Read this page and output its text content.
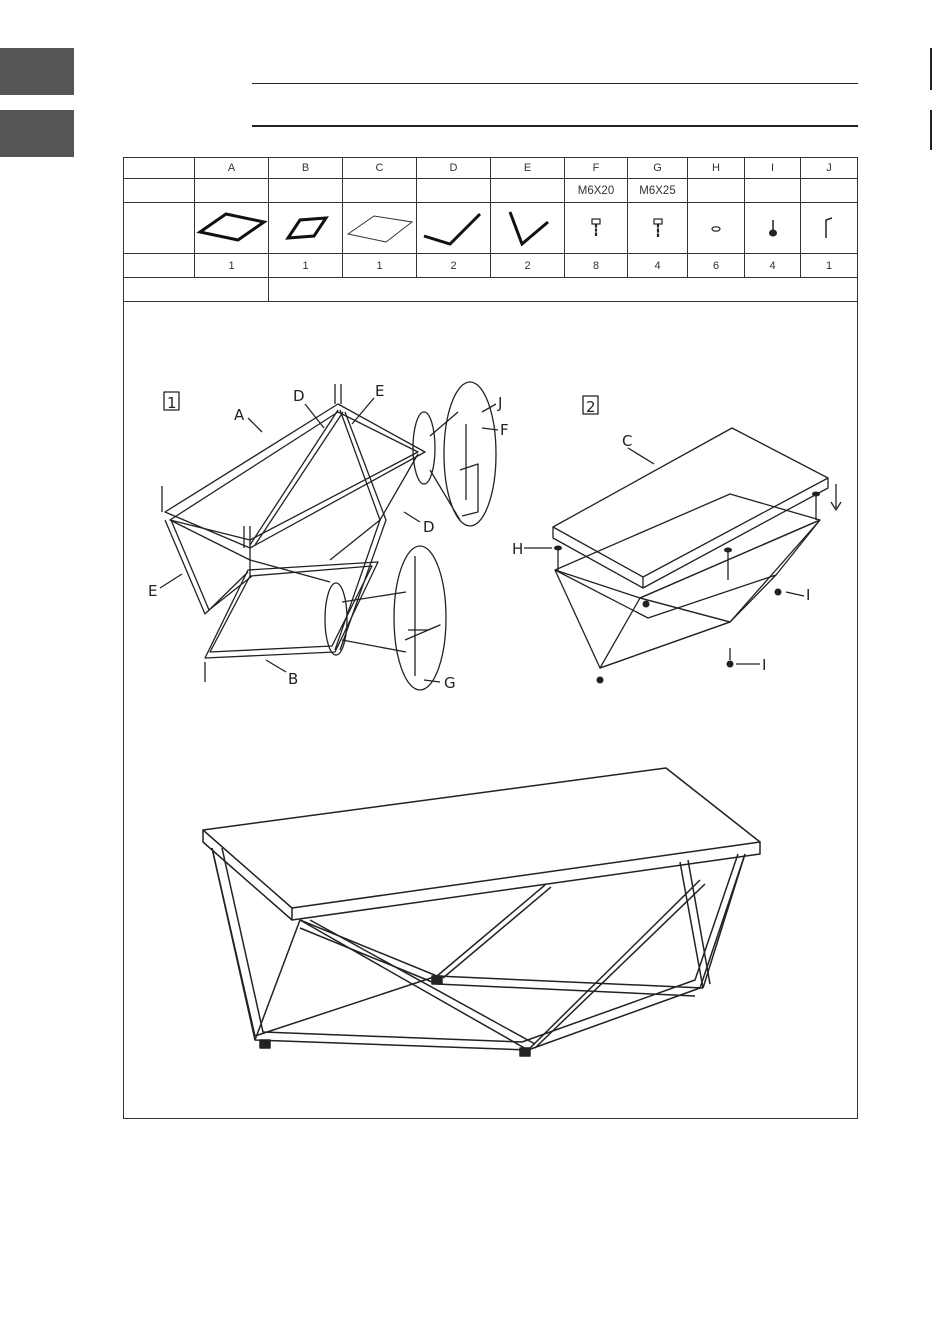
	A	B	C	D	E	F	G	H	I	J
						M6X20	M6X25			

	1	1	1	2	2	8	4	6	4	1

1
A
D	E
J
F
E
D
B	G
2
C
H
I
I
